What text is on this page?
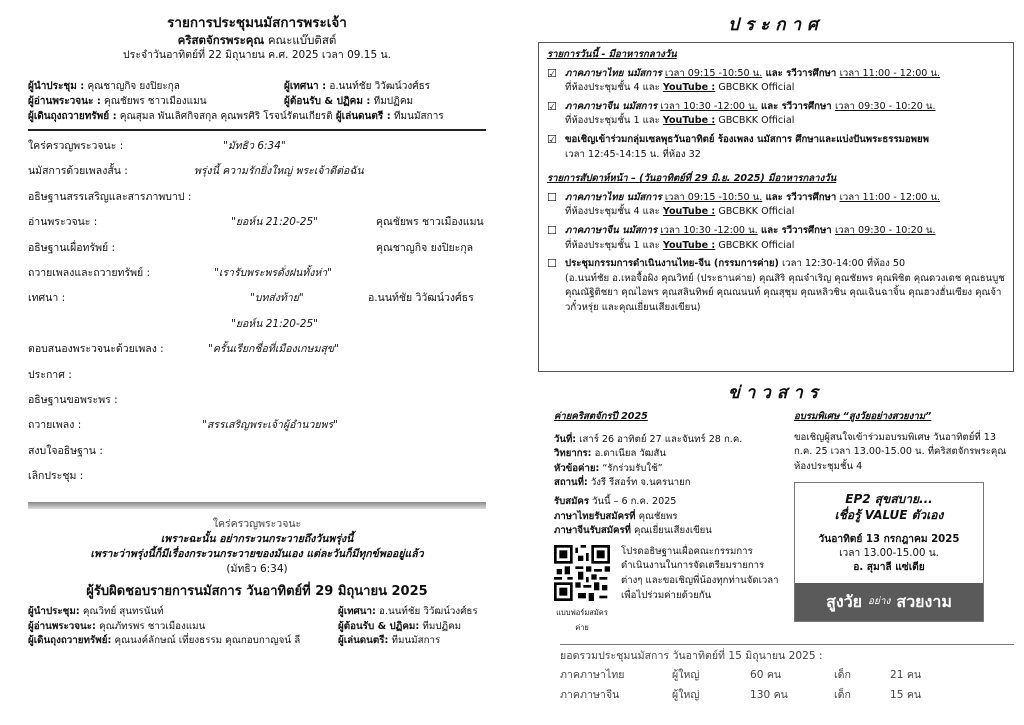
รายการประชุมนมัสการพระเจ้า
คริสตจักรพระคุณ คณะแบ๊บติสต์
ประจำวันอาทิตย์ที่ 22 มิถุนายน ค.ศ. 2025 เวลา 09.15 น.
ผู้นำประชุม : คุณชาญกิจ ยงปิยะกุล	ผู้เทศนา : อ.นนท์ชัย วิวัฒน์วงศ์ธร
ผู้อ่านพระวจนะ : คุณชัยพร ชาวเมืองแมน	ผู้ต้อนรับ & ปฏิคม : ทีมปฏิคม
ผู้เดินถุงถวายทรัพย์ : คุณสุมล พันเลิศกิจสกุล คุณพรศิริ โรจน์รัตนเกียรติ ผู้เล่นดนตรี : ทีมนมัสการ
ใคร่ครวญพระวจนะ :	"มัทธิว 6:34"
นมัสการด้วยเพลงสั้น :	พรุ่งนี้ ความรักยิ่งใหญ่ พระเจ้าดีต่อฉัน
อธิษฐานสรรเสริญและสารภาพบาป :
อ่านพระวจนะ :	"ยอห์น 21:20-25"	คุณชัยพร ชาวเมืองแมน
อธิษฐานเผื่อทรัพย์ :	คุณชาญกิจ ยงปิยะกุล
ถวายเพลงและถวายทรัพย์ :	"เรารับพระพรดั่งฝนทั้งห่า"
เทศนา :	"บทส่งท้าย"	อ.นนท์ชัย วิวัฒน์วงศ์ธร
"ยอห์น 21:20-25"
ตอบสนองพระวจนะด้วยเพลง :	"ครั้นเรียกชื่อที่เมืองเกษมสุข"
ประกาศ :
อธิษฐานขอพระพร :
ถวายเพลง :	"สรรเสริญพระเจ้าผู้อำนวยพร"
สงบใจอธิษฐาน :
เลิกประชุม :
ใคร่ครวญพระวจนะ
เพราะฉะนั้น อย่ากระวนกระวายถึงวันพรุ่งนี้
เพราะว่าพรุ่งนี้ก็มีเรื่องกระวนกระวายของมันเอง แต่ละวันก็มีทุกข์พออยู่แล้ว
(มัทธิว 6:34)
ผู้รับผิดชอบรายการนมัสการ วันอาทิตย์ที่ 29 มิถุนายน 2025
ผู้นำประชุม: คุณวิทย์ สุนทรนันท์	ผู้เทศนา: อ.นนท์ชัย วิวัฒน์วงศ์ธร
ผู้อ่านพระวจนะ: คุณภัทรพร ชาวเมืองแมน	ผู้ต้อนรับ & ปฏิคม: ทีมปฏิคม
ผู้เดินถุงถวายทรัพย์: คุณนงค์ลักษณ์ เที่ยงธรรม คุณกอบกาญจน์ ลี	ผู้เล่นดนตรี: ทีมนมัสการ
ประกาศ
รายการวันนี้ - มีอาหารกลางวัน
☑ ภาคภาษาไทย นมัสการ เวลา 09:15 -10:50 น. และ รวีวารศึกษา เวลา 11:00 - 12:00 น.
ที่ห้องประชุมชั้น 4 และ YouTube : GBCBKK Official
☑ ภาคภาษาจีน นมัสการ เวลา 10:30 -12:00 น. และ รวีวารศึกษา เวลา 09:30 - 10:20 น.
ที่ห้องประชุมชั้น 1 และ YouTube : GBCBKK Official
☑ ขอเชิญเข้าร่วมกลุ่มเซลพุธวันอาทิตย์ ร้องเพลง นมัสการ ศึกษาและแบ่งปันพระธรรมอพยพ
เวลา 12:45-14:15 น. ที่ห้อง 32
รายการสัปดาห์หน้า – (วันอาทิตย์ที่ 29 มิ.ย. 2025) มีอาหารกลางวัน
☐ ภาคภาษาไทย นมัสการ เวลา 09:15 -10:50 น. และ รวีวารศึกษา เวลา 11:00 - 12:00 น.
ที่ห้องประชุมชั้น 4 และ YouTube : GBCBKK Official
☐ ภาคภาษาจีน นมัสการ เวลา 10:30 -12:00 น. และ รวีวารศึกษา เวลา 09:30 - 10:20 น.
ที่ห้องประชุมชั้น 1 และ YouTube : GBCBKK Official
☐ ประชุมกรรมการดำเนินงานไทย-จีน (กรรมการค่าย) เวลา 12:30-14:00 ที่ห้อง 50
(อ.นนท์ชัย อ.เหอจื้อผิง คุณวิทย์ (ประธานค่าย) คุณสิริ คุณจำเริญ คุณชัยพร คุณพิชิต คุณดวงเดช คุณธนบูช คุณณัฐิติชยา คุณไอพร คุณสลินทิพย์ คุณณนนท์ คุณสุชุม คุณหลิวชิน คุณเฉินฉาจิ้น คุณฮวงฮั่นเซียง คุณจ้าวกั๋วหรุ่ย และคุณเยี่ยนเสียงเขียน)
ข่าวสาร
ค่ายคริสตจักรปี 2025
วันที่: เสาร์ 26 อาทิตย์ 27 และจันทร์ 28 ก.ค.
วิทยากร: อ.ดาเนียล วัฒสัน
หัวข้อค่าย: “รักร่วมรับใช้”
สถานที่: วังรี รีสอร์ท จ.นครนายก
รับสมัคร วันนี้ – 6 ก.ค. 2025
ภาษาไทยรับสมัครที่ คุณชัยพร
ภาษาจีนรับสมัครที่ คุณเยี่ยนเสียงเขียน
แบบฟอร์มสมัครค่าย
โปรดอธิษฐานเผื่อคณะกรรมการดำเนินงานในการจัดเตรียมรายการต่างๆ และขอเชิญพี่น้องทุกท่านจัดเวลาเพื่อไปร่วมค่ายด้วยกัน
อบรมพิเศษ “สูงวัยอย่างสวยงาม”
ขอเชิญผู้สนใจเข้าร่วมอบรมพิเศษ วันอาทิตย์ที่ 13 ก.ค. 25 เวลา 13.00-15.00 น. ที่คริสตจักรพระคุณ ห้องประชุมชั้น 4
EP2 สุขสบาย...
เชื่อรู้ VALUE ตัวเอง
วันอาทิตย์ 13 กรกฎาคม 2025
เวลา 13.00-15.00 น.
อ. สุมาลี แซ่เตีย
สูงวัย อย่าง สวยงาม
ยอดรวมประชุมนมัสการ วันอาทิตย์ที่ 15 มิถุนายน 2025 :
ภาคภาษาไทย	ผู้ใหญ่	60 คน	เด็ก	21 คน
ภาคภาษาจีน	ผู้ใหญ่	130 คน	เด็ก	15 คน
